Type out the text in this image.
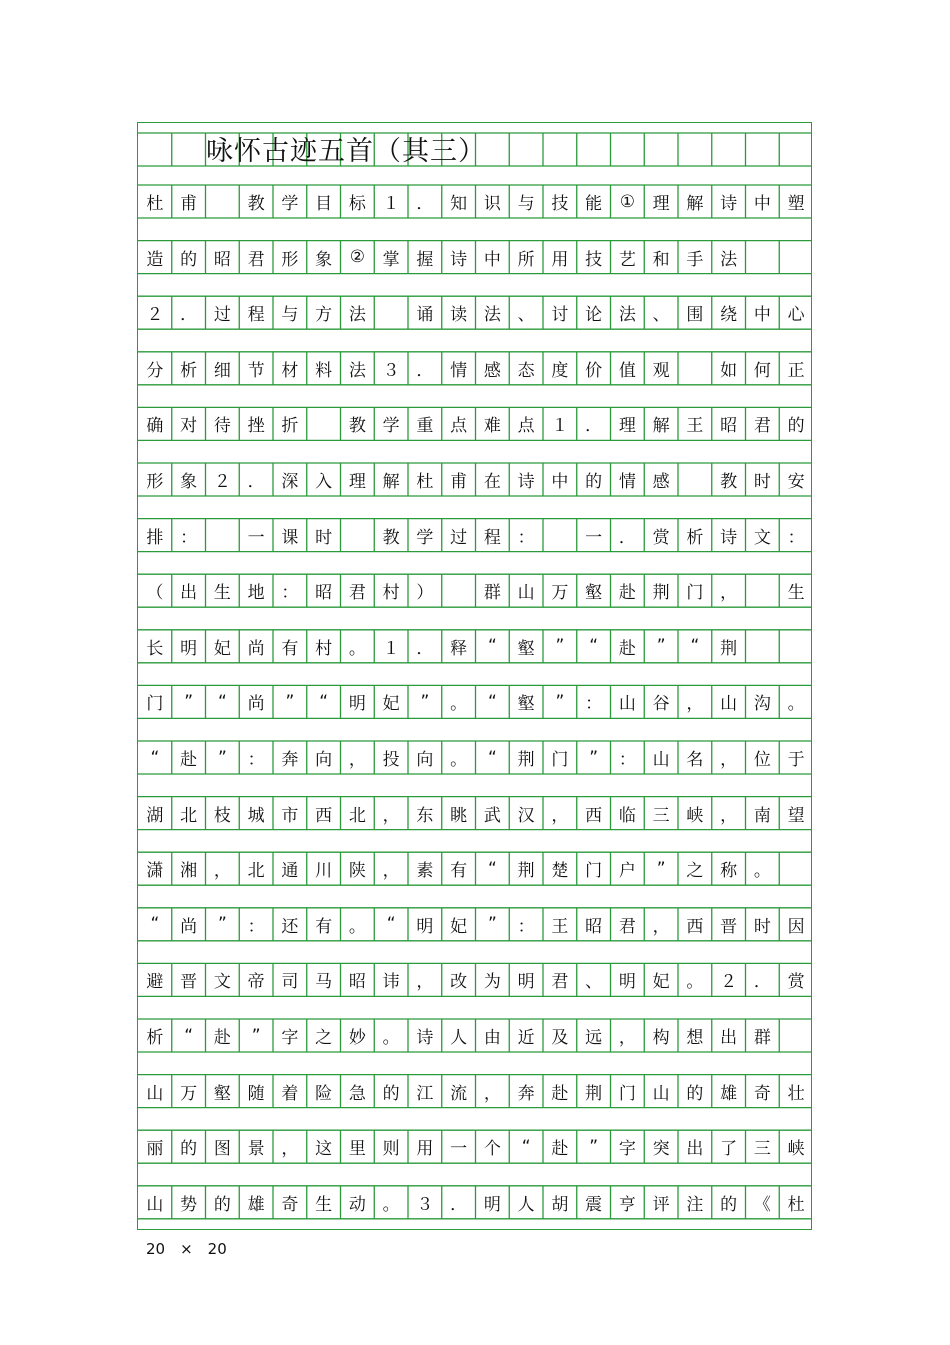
咏怀古迹五首（其三）
杜 甫	教 学 目 标 １ ． 知 识 与 技 能	①	理 解 诗 中 塑
造 的 昭 君 形 象	②	掌 握 诗 中 所 用 技 艺 和 手 法
２ ． 过 程 与 方 法	诵 读 法 、 讨 论 法 、 围 绕 中 心
分 析 细 节 材 料 法 ３ ． 情 感 态 度 价 值 观	如 何 正
确 对 待 挫 折	教 学 重 点 难 点 １ ． 理 解 王 昭 君 的
形 象 ２ ． 深 入 理 解 杜 甫 在 诗 中 的 情 感	教 时 安
排 ：	一 课 时	教 学 过 程 ：	一 ． 赏 析 诗 文 ：
（ 出 生 地 ： 昭 君 村 ）	群 山 万 壑 赴 荆 门 ，	生
长 明 妃 尚 有 村 。 １ ． 释	“	壑	”	“	赴	”	“	荆
门	”	“	尚	”	“	明 妃	”	。	“	壑	”	： 山 谷 ， 山 沟 。
“	赴	”	： 奔 向 ， 投 向 。	“	荆 门	”	： 山 名 ， 位 于
湖 北 枝 城 市 西 北 ， 东 眺 武 汉 ， 西 临 三 峡 ， 南 望
潇 湘 ， 北 通 川 陕 ， 素 有	“	荆 楚 门 户	”	之 称 。
“	尚	”	： 还 有 。	“	明 妃	”	： 王 昭 君 ， 西 晋 时 因
避 晋 文 帝 司 马 昭 讳 ， 改 为 明 君 、 明 妃 。 ２ ． 赏
析	“	赴	”	字 之 妙 。 诗 人 由 近 及 远 ， 构 想 出 群
山 万 壑 随 着 险 急 的 江 流 ， 奔 赴 荆 门 山 的 雄 奇 壮
丽 的 图 景 ， 这 里 则 用 一 个	“	赴	”	字 突 出 了 三 峡
山 势 的 雄 奇 生 动 。 ３ ． 明 人 胡 震 亨 评 注 的 《 杜
20　×　20
